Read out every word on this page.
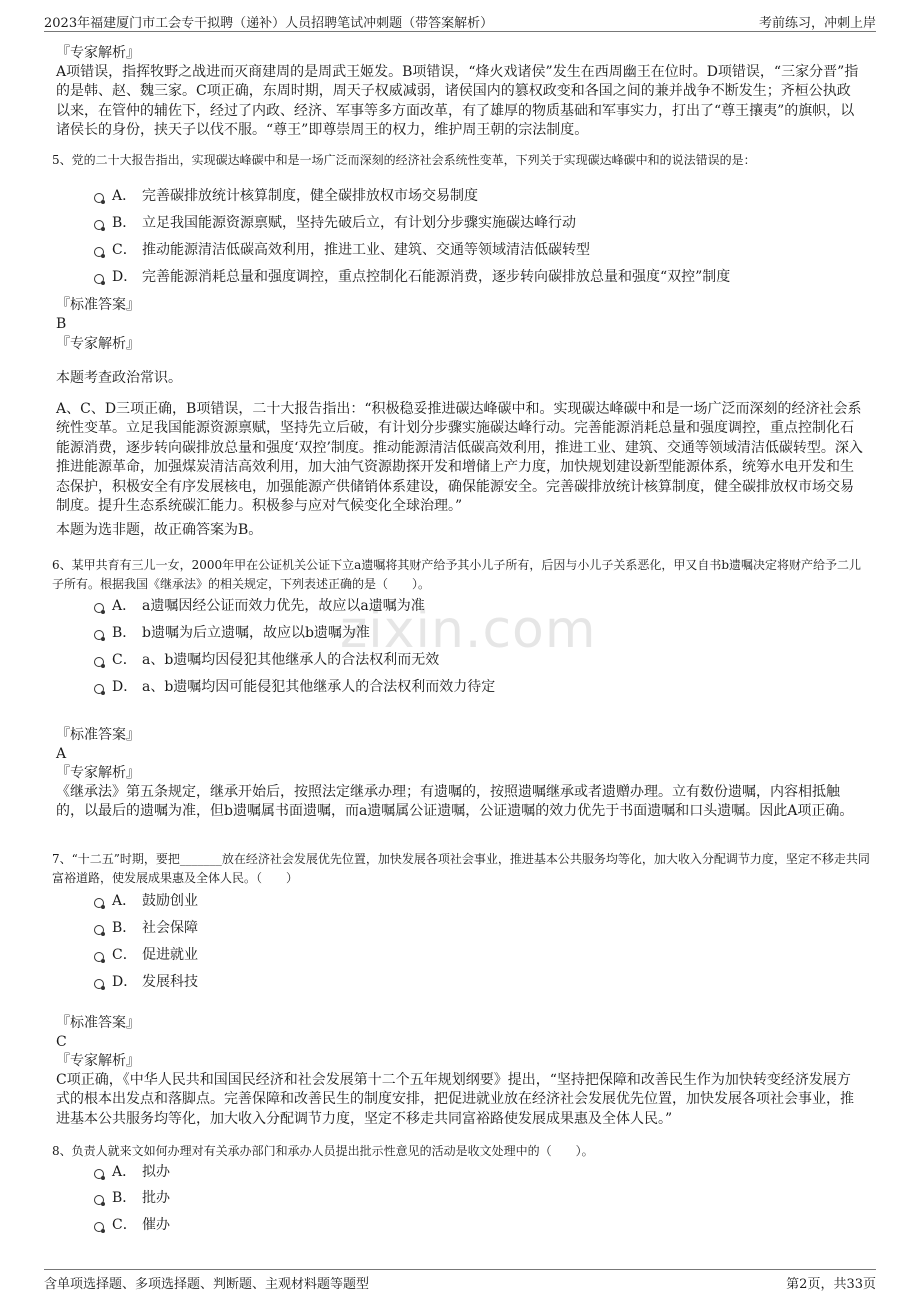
2023年福建厦门市工会专干拟聘（递补）人员招聘笔试冲刺题（带答案解析）	考前练习，冲刺上岸
zixin.com
『专家解析』
A项错误，指挥牧野之战进而灭商建周的是周武王姬发。B项错误，“烽火戏诸侯”发生在西周幽王在位时。D项错误，“三家分晋”指的是韩、赵、魏三家。C项正确，东周时期，周天子权威减弱，诸侯国内的篡权政变和各国之间的兼并战争不断发生；齐桓公执政以来，在管仲的辅佐下，经过了内政、经济、军事等多方面改革，有了雄厚的物质基础和军事实力，打出了“尊王攘夷”的旗帜，以诸侯长的身份，挟天子以伐不服。“尊王”即尊崇周王的权力，维护周王朝的宗法制度。
5、党的二十大报告指出，实现碳达峰碳中和是一场广泛而深刻的经济社会系统性变革，下列关于实现碳达峰碳中和的说法错误的是：
A． 完善碳排放统计核算制度，健全碳排放权市场交易制度
B． 立足我国能源资源禀赋，坚持先破后立，有计划分步骤实施碳达峰行动
C． 推动能源清洁低碳高效利用，推进工业、建筑、交通等领域清洁低碳转型
D． 完善能源消耗总量和强度调控，重点控制化石能源消费，逐步转向碳排放总量和强度“双控”制度
『标准答案』
B
『专家解析』
本题考查政治常识。
A、C、D三项正确，B项错误，二十大报告指出：“积极稳妥推进碳达峰碳中和。实现碳达峰碳中和是一场广泛而深刻的经济社会系统性变革。立足我国能源资源禀赋，坚持先立后破，有计划分步骤实施碳达峰行动。完善能源消耗总量和强度调控，重点控制化石能源消费，逐步转向碳排放总量和强度‘双控’制度。推动能源清洁低碳高效利用，推进工业、建筑、交通等领域清洁低碳转型。深入推进能源革命，加强煤炭清洁高效利用，加大油气资源勘探开发和增储上产力度，加快规划建设新型能源体系，统筹水电开发和生态保护，积极安全有序发展核电，加强能源产供储销体系建设，确保能源安全。完善碳排放统计核算制度，健全碳排放权市场交易制度。提升生态系统碳汇能力。积极参与应对气候变化全球治理。”
本题为选非题，故正确答案为B。
6、某甲共育有三儿一女，2000年甲在公证机关公证下立a遗嘱将其财产给予其小儿子所有，后因与小儿子关系恶化，甲又自书b遗嘱决定将财产给予二儿子所有。根据我国《继承法》的相关规定，下列表述正确的是（　　）。
A． a遗嘱因经公证而效力优先，故应以a遗嘱为准
B． b遗嘱为后立遗嘱，故应以b遗嘱为准
C． a、b遗嘱均因侵犯其他继承人的合法权利而无效
D． a、b遗嘱均因可能侵犯其他继承人的合法权利而效力待定
『标准答案』
A
『专家解析』
《继承法》第五条规定，继承开始后，按照法定继承办理；有遗嘱的，按照遗嘱继承或者遗赠办理。立有数份遗嘱，内容相抵触的，以最后的遗嘱为准，但b遗嘱属书面遗嘱，而a遗嘱属公证遗嘱，公证遗嘱的效力优先于书面遗嘱和口头遗嘱。因此A项正确。
7、“十二五”时期，要把_______放在经济社会发展优先位置，加快发展各项社会事业，推进基本公共服务均等化，加大收入分配调节力度，坚定不移走共同富裕道路，使发展成果惠及全体人民。（　　）
A． 鼓励创业
B． 社会保障
C． 促进就业
D． 发展科技
『标准答案』
C
『专家解析』
C项正确，《中华人民共和国国民经济和社会发展第十二个五年规划纲要》提出，“坚持把保障和改善民生作为加快转变经济发展方式的根本出发点和落脚点。完善保障和改善民生的制度安排，把促进就业放在经济社会发展优先位置，加快发展各项社会事业，推进基本公共服务均等化，加大收入分配调节力度，坚定不移走共同富裕路使发展成果惠及全体人民。”
8、负责人就来文如何办理对有关承办部门和承办人员提出批示性意见的活动是收文处理中的（　　）。
A． 拟办
B． 批办
C． 催办
含单项选择题、多项选择题、判断题、主观材料题等题型	第2页，共33页
